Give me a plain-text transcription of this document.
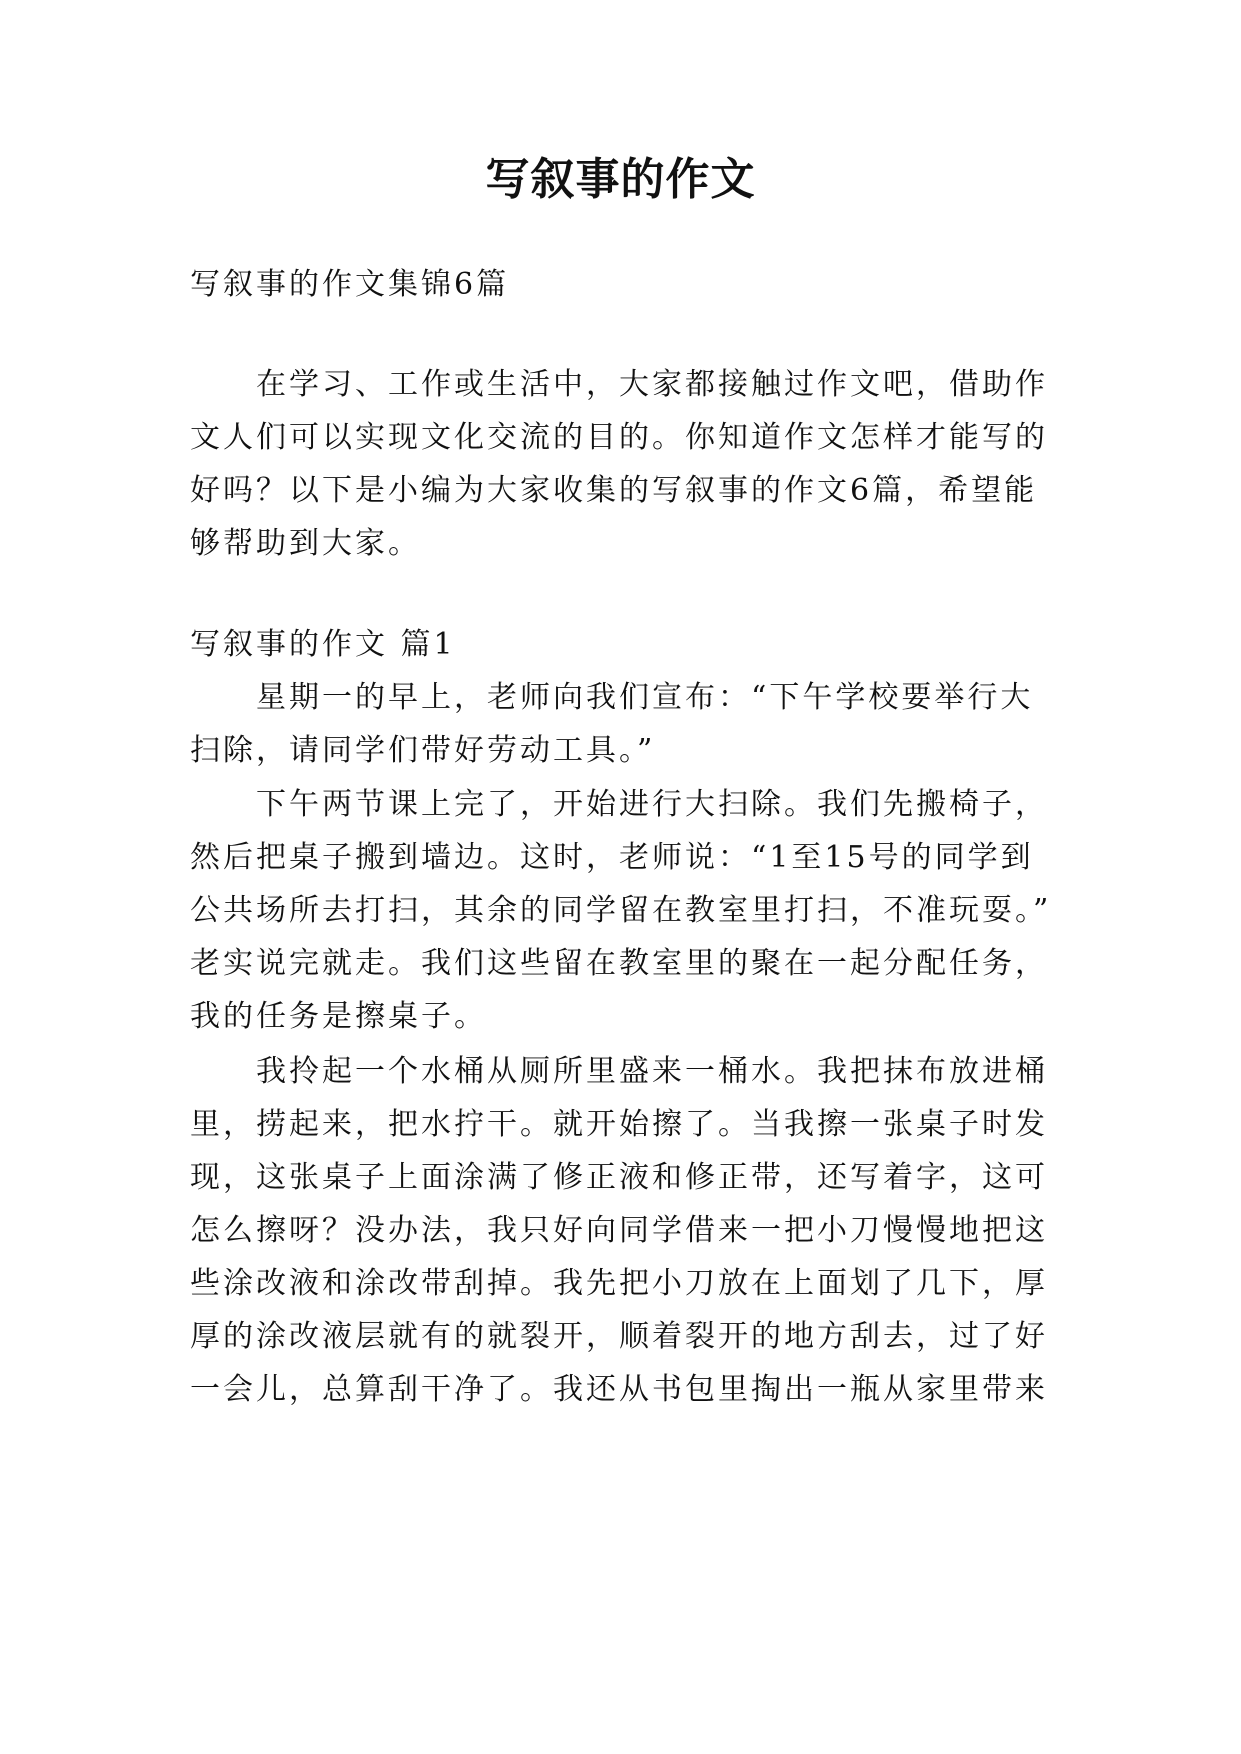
写叙事的作文
写叙事的作文集锦6篇
在学习、工作或生活中，大家都接触过作文吧，借助作
文人们可以实现文化交流的目的。你知道作文怎样才能写的
好吗？以下是小编为大家收集的写叙事的作文6篇，希望能
够帮助到大家。
写叙事的作文 篇1
星期一的早上，老师向我们宣布：“下午学校要举行大
扫除，请同学们带好劳动工具。”
下午两节课上完了，开始进行大扫除。我们先搬椅子，
然后把桌子搬到墙边。这时，老师说：“1至15号的同学到
公共场所去打扫，其余的同学留在教室里打扫，不准玩耍。”
老实说完就走。我们这些留在教室里的聚在一起分配任务，
我的任务是擦桌子。
我拎起一个水桶从厕所里盛来一桶水。我把抹布放进桶
里，捞起来，把水拧干。就开始擦了。当我擦一张桌子时发
现，这张桌子上面涂满了修正液和修正带，还写着字，这可
怎么擦呀？没办法，我只好向同学借来一把小刀慢慢地把这
些涂改液和涂改带刮掉。我先把小刀放在上面划了几下，厚
厚的涂改液层就有的就裂开，顺着裂开的地方刮去，过了好
一会儿，总算刮干净了。我还从书包里掏出一瓶从家里带来
